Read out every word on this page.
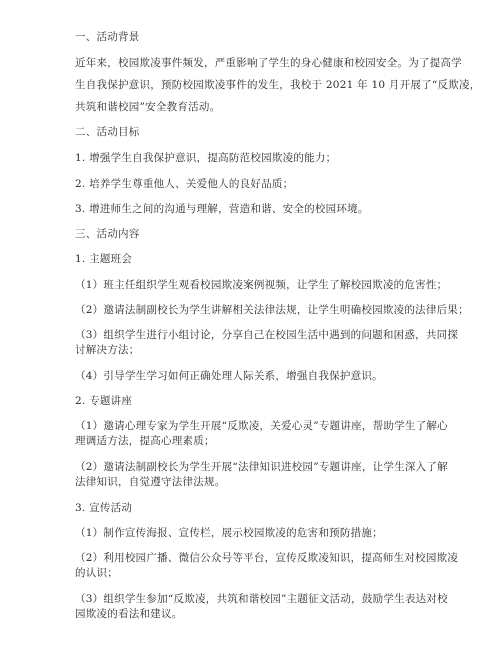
一、活动背景
近年来，校园欺凌事件频发，严重影响了学生的身心健康和校园安全。为了提高学
生自我保护意识，预防校园欺凌事件的发生，我校于 2021 年 10 月开展了“反欺凌，
共筑和谐校园”安全教育活动。
二、活动目标
1. 增强学生自我保护意识，提高防范校园欺凌的能力；
2. 培养学生尊重他人、关爱他人的良好品质；
3. 增进师生之间的沟通与理解，营造和谐、安全的校园环境。
三、活动内容
1. 主题班会
（1）班主任组织学生观看校园欺凌案例视频，让学生了解校园欺凌的危害性；
（2）邀请法制副校长为学生讲解相关法律法规，让学生明确校园欺凌的法律后果；
（3）组织学生进行小组讨论，分享自己在校园生活中遇到的问题和困惑，共同探
讨解决方法；
（4）引导学生学习如何正确处理人际关系，增强自我保护意识。
2. 专题讲座
（1）邀请心理专家为学生开展“反欺凌，关爱心灵”专题讲座，帮助学生了解心
理调适方法，提高心理素质；
（2）邀请法制副校长为学生开展“法律知识进校园”专题讲座，让学生深入了解
法律知识，自觉遵守法律法规。
3. 宣传活动
（1）制作宣传海报、宣传栏，展示校园欺凌的危害和预防措施；
（2）利用校园广播、微信公众号等平台，宣传反欺凌知识，提高师生对校园欺凌
的认识；
（3）组织学生参加“反欺凌，共筑和谐校园”主题征文活动，鼓励学生表达对校
园欺凌的看法和建议。
